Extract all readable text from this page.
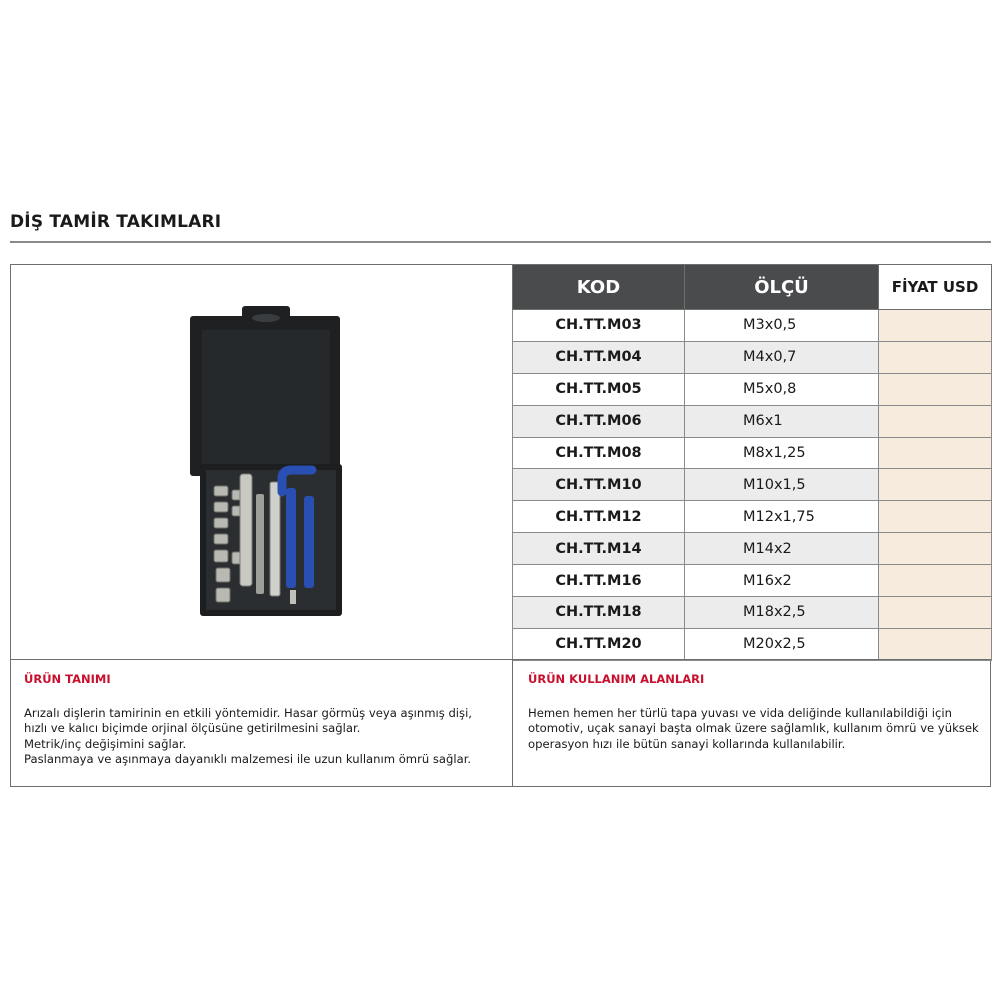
DİŞ TAMİR TAKIMLARI
KOD	ÖLÇÜ	FİYAT USD
CH.TT.M03	M3x0,5	
CH.TT.M04	M4x0,7	
CH.TT.M05	M5x0,8	
CH.TT.M06	M6x1	
CH.TT.M08	M8x1,25	
CH.TT.M10	M10x1,5	
CH.TT.M12	M12x1,75	
CH.TT.M14	M14x2	
CH.TT.M16	M16x2	
CH.TT.M18	M18x2,5	
CH.TT.M20	M20x2,5	
ÜRÜN TANIMI

Arızalı dişlerin tamirinin en etkili yöntemidir. Hasar görmüş veya aşınmış dişi,

hızlı ve kalıcı biçimde orjinal ölçüsüne getirilmesini sağlar.

Metrik/inç değişimini sağlar.

Paslanmaya ve aşınmaya dayanıklı malzemesi ile uzun kullanım ömrü sağlar.

ÜRÜN KULLANIM ALANLARI

Hemen hemen her türlü tapa yuvası ve vida deliğinde kullanılabildiği için otomotiv, uçak sanayi başta olmak üzere sağlamlık, kullanım ömrü ve yüksek operasyon hızı ile bütün sanayi kollarında kullanılabilir.
